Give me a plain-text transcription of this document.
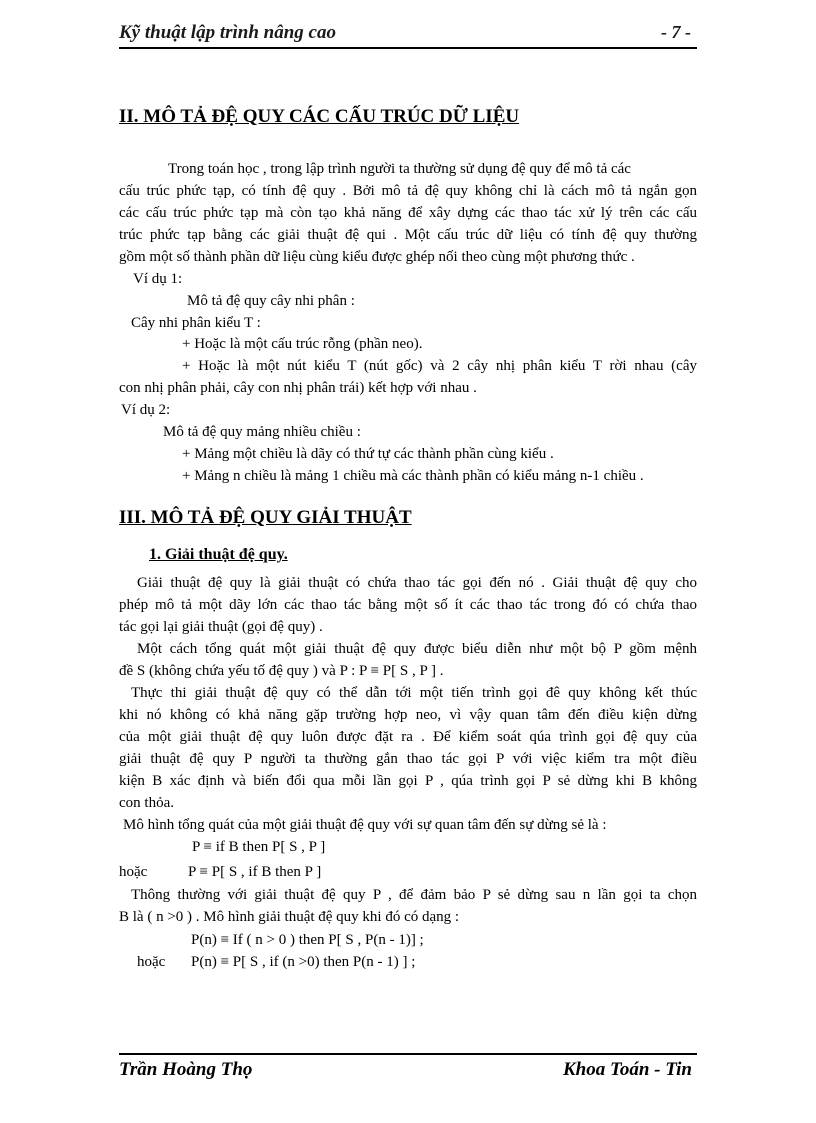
Kỹ thuật lập trình nâng cao	- 7 -
II. MÔ TẢ ĐỆ QUY CÁC CẤU TRÚC DỮ LIỆU
Trong toán học , trong lập trình người ta thường sử dụng đệ quy để mô tả các
cấu trúc phức tạp, có tính đệ quy . Bởi mô tả đệ quy không chỉ là cách mô tả ngắn gọn
các cấu trúc phức tạp mà còn tạo khả năng để xây dựng các thao tác xử lý trên các cấu
trúc phức tạp bằng các giải thuật đệ qui . Một cấu trúc dữ liệu có tính đệ quy thường
gồm một số thành phần dữ liệu cùng kiểu được ghép nối theo cùng một phương thức .
Ví dụ 1:
Mô tả đệ quy cây nhi phân :
Cây nhi phân kiểu T :
+ Hoặc là một cấu trúc rỗng (phần neo).
+ Hoặc là một nút kiểu T (nút gốc) và 2 cây nhị phân kiểu T rời nhau (cây
con nhị phân phải, cây con nhị phân trái) kết hợp với nhau .
Ví dụ 2:
Mô tả đệ quy mảng nhiều chiều :
+ Mảng một chiều là dãy có thứ tự các thành phần cùng kiểu .
+ Mảng n chiều là mảng 1 chiều mà các thành phần có kiểu mảng n-1 chiều .
III. MÔ TẢ ĐỆ QUY GIẢI THUẬT
1. Giải thuật đệ quy.
Giải thuật đệ quy là giải thuật có chứa thao tác gọi đến nó . Giải thuật đệ quy cho
phép mô tả một dãy lớn các thao tác bằng một số ít các thao tác trong đó có chứa thao
tác gọi lại giải thuật (gọi đệ quy) .
Một cách tổng quát một giải thuật đệ quy được biểu diễn như một bộ P gồm mệnh
đề S (không chứa yếu tố đệ quy ) và P : P ≡ P[ S , P ] .
Thực thi giải thuật đệ quy có thể dẫn tới một tiến trình gọi đê quy không kết thúc
khi nó không có khả năng gặp trường hợp neo, vì vậy quan tâm đến điều kiện dừng
của một giải thuật đệ quy luôn được đặt ra . Để kiểm soát qúa trình gọi đệ quy của
giải thuật đệ quy P người ta thường gắn thao tác gọi P với việc kiểm tra một điều
kiện B xác định và biến đổi qua mỗi lần gọi P , qúa trình gọi P sẻ dừng khi B không
con thỏa.
Mô hình tổng quát của một giải thuật đệ quy với sự quan tâm đến sự dừng sẻ là :
P ≡ if B then P[ S , P ]
hoặc	P ≡ P[ S , if B then P ]
Thông thường với giải thuật đệ quy P , để đảm bảo P sẻ dừng sau n lần gọi ta chọn
B là ( n >0 ) . Mô hình giải thuật đệ quy khi đó có dạng :
P(n) ≡ If ( n > 0 ) then P[ S , P(n - 1)] ;
hoặc P(n) ≡ P[ S , if (n >0) then P(n - 1) ] ;
Trần Hoàng Thọ	Khoa Toán - Tin
